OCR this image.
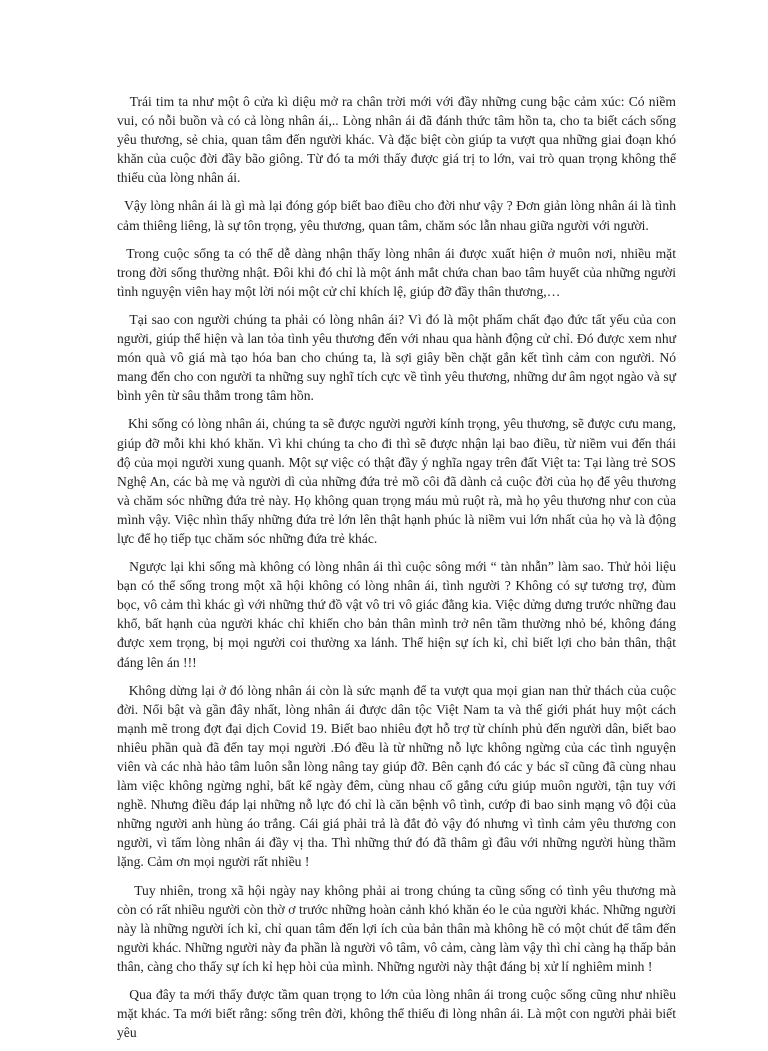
Trái tim ta như một ô cửa kì diệu mở ra chân trời mới với đầy những cung bậc cảm xúc: Có niềm vui, có nỗi buồn và có cả lòng nhân ái,.. Lòng nhân ái đã đánh thức tâm hồn ta, cho ta biết cách sống yêu thương, sẻ chia, quan tâm đến người khác. Và đặc biệt còn giúp ta vượt qua những giai đoạn khó khăn của cuộc đời đầy bão giông. Từ đó ta mới thấy được giá trị to lớn, vai trò quan trọng không thể thiếu của lòng nhân ái.

Vậy lòng nhân ái là gì mà lại đóng góp biết bao điều cho đời như vậy ? Đơn giản lòng nhân ái là tình cảm thiêng liêng, là sự tôn trọng, yêu thương, quan tâm, chăm sóc lẫn nhau giữa người với người.

Trong cuộc sống ta có thể dễ dàng nhận thấy lòng nhân ái được xuất hiện ở muôn nơi, nhiều mặt trong đời sống thường nhật. Đôi khi đó chỉ là một ánh mắt chứa chan bao tâm huyết của những người tình nguyện viên hay một lời nói một cử chỉ khích lệ, giúp đỡ đầy thân thương,…

Tại sao con người chúng ta phải có lòng nhân ái? Vì đó là một phẩm chất đạo đức tất yếu của con người, giúp thể hiện và lan tỏa tình yêu thương đến với nhau qua hành động cử chỉ. Đó được xem như món quà vô giá mà tạo hóa ban cho chúng ta, là sợi giây bền chặt gắn kết tình cảm con người. Nó mang đến cho con người ta những suy nghĩ tích cực về tình yêu thương, những dư âm ngọt ngào và sự bình yên từ sâu thẳm trong tâm hồn.

Khi sống có lòng nhân ái, chúng ta sẽ được người người kính trọng, yêu thương, sẽ được cưu mang, giúp đỡ mỗi khi khó khăn. Vì khi chúng ta cho đi thì sẽ được nhận lại bao điều, từ niềm vui đến thái độ của mọi người xung quanh. Một sự việc có thật đầy ý nghĩa ngay trên đất Việt ta: Tại làng trẻ SOS Nghệ An, các bà mẹ và người dì của những đứa trẻ mồ côi đã dành cả cuộc đời của họ để yêu thương và chăm sóc những đứa trẻ này. Họ không quan trọng máu mủ ruột rà, mà họ yêu thương như con của mình vậy. Việc nhìn thấy những đứa trẻ lớn lên thật hạnh phúc là niềm vui lớn nhất của họ và là động lực để họ tiếp tục chăm sóc những đứa trẻ khác.

Ngược lại khi sống mà không có lòng nhân ái thì cuộc sông mới “ tàn nhẫn” làm sao. Thử hỏi liệu bạn có thể sống trong một xã hội không có lòng nhân ái, tình người ? Không có sự tương trợ, đùm bọc, vô cảm thì khác gì với những thứ đồ vật vô tri vô giác đằng kia. Việc dửng dưng trước những đau khổ, bất hạnh của người khác chỉ khiến cho bản thân mình trở nên tầm thường nhỏ bé, không đáng được xem trọng, bị mọi người coi thường xa lánh. Thể hiện sự ích kỉ, chỉ biết lợi cho bản thân, thật đáng lên án !!!

Không dừng lại ở đó lòng nhân ái còn là sức mạnh để ta vượt qua mọi gian nan thử thách của cuộc đời. Nổi bật và gần đây nhất, lòng nhân ái được dân tộc Việt Nam ta và thế giới phát huy một cách mạnh mẽ trong đợt đại dịch Covid 19. Biết bao nhiêu đợt hỗ trợ từ chính phủ đến người dân, biết bao nhiêu phần quà đã đến tay mọi người .Đó đều là từ những nỗ lực không ngừng của các tình nguyện viên và các nhà hảo tâm luôn sẵn lòng nâng tay giúp đỡ. Bên cạnh đó các y bác sĩ cũng đã cùng nhau làm việc không ngừng nghỉ, bất kể ngày đêm, cùng nhau cố gắng cứu giúp muôn người, tận tuy với nghề. Nhưng điều đáp lại những nỗ lực đó chỉ là căn bệnh vô tình, cướp đi bao sinh mạng vô đội của những người anh hùng áo trắng. Cái giá phải trả là đắt đỏ vậy đó nhưng vì tình cảm yêu thương con người, vì tấm lòng nhân ái đầy vị tha. Thì những thứ đó đã thâm gì đâu với những người hùng thầm lặng. Cảm ơn mọi người rất nhiều !

Tuy nhiên, trong xã hội ngày nay không phải ai trong chúng ta cũng sống có tình yêu thương mà còn có rất nhiều người còn thờ ơ trước những hoàn cảnh khó khăn éo le của người khác. Những người này là những người ích kỉ, chỉ quan tâm đến lợi ích của bản thân mà không hề có một chút để tâm đến người khác. Những người này đa phần là người vô tâm, vô cảm, càng làm vậy thì chỉ càng hạ thấp bản thân, càng cho thấy sự ích kỉ hẹp hòi của mình. Những người này thật đáng bị xử lí nghiêm minh !

Qua đây ta mới thấy được tầm quan trọng to lớn của lòng nhân ái trong cuộc sống cũng như nhiều mặt khác. Ta mới biết rằng: sống trên đời, không thể thiếu đi lòng nhân ái. Là một con người phải biết yêu
